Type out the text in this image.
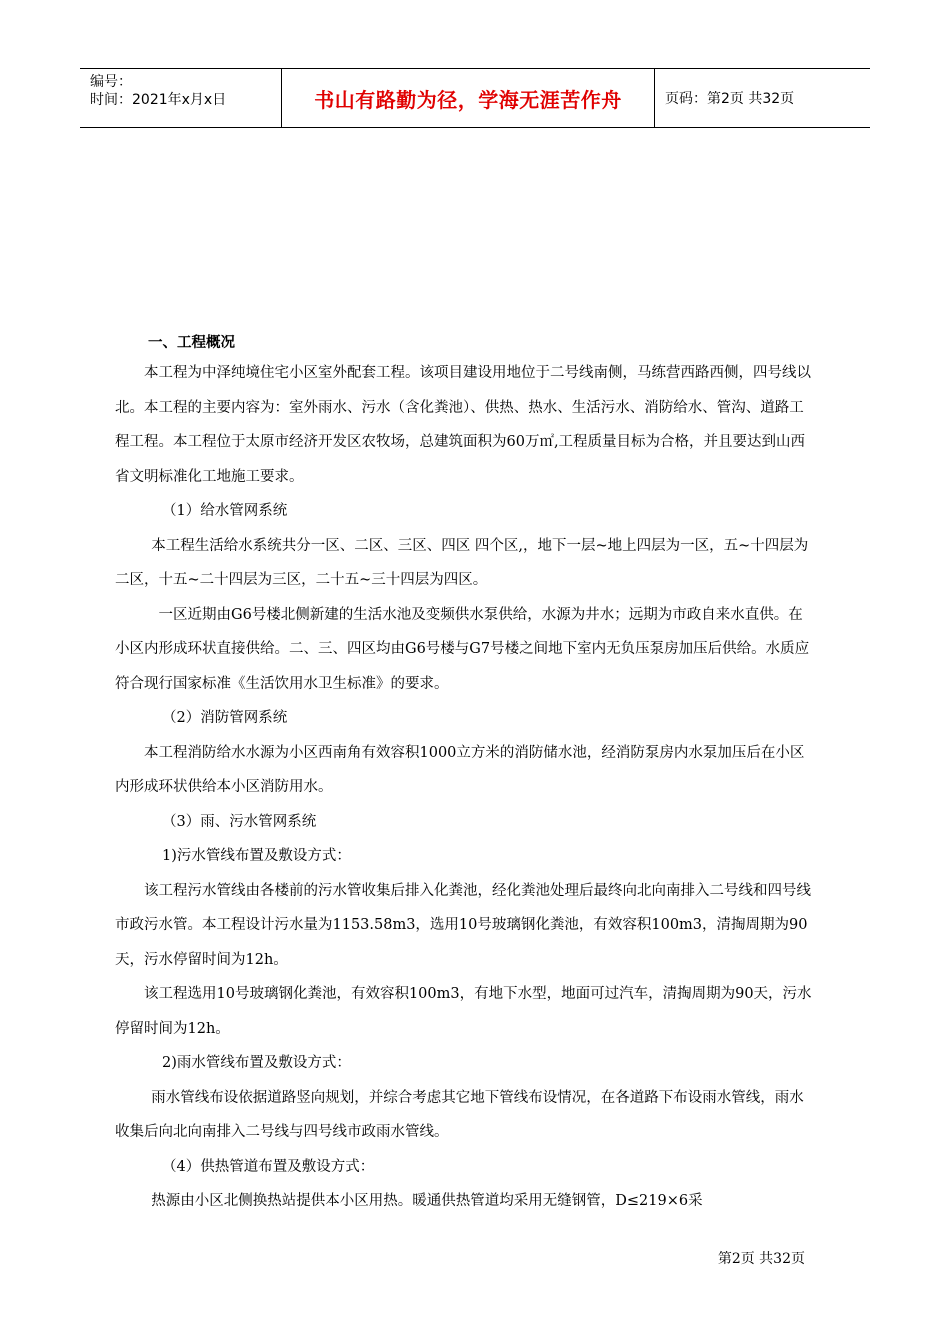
编号：
时间：2021年x月x日	书山有路勤为径，学海无涯苦作舟	页码：第2页 共32页
一、工程概况

本工程为中泽纯境住宅小区室外配套工程。该项目建设用地位于二号线南侧，马练营西路西侧，四号线以北。本工程的主要内容为：室外雨水、污水（含化粪池）、供热、热水、生活污水、消防给水、管沟、道路工程工程。本工程位于太原市经济开发区农牧场，总建筑面积为60万㎡,工程质量目标为合格，并且要达到山西省文明标准化工地施工要求。

（1）给水管网系统

本工程生活给水系统共分一区、二区、三区、四区 四个区,，地下一层~地上四层为一区，五~十四层为二区，十五~二十四层为三区，二十五~三十四层为四区。

一区近期由G6号楼北侧新建的生活水池及变频供水泵供给，水源为井水；远期为市政自来水直供。在小区内形成环状直接供给。二、三、四区均由G6号楼与G7号楼之间地下室内无负压泵房加压后供给。水质应符合现行国家标准《生活饮用水卫生标准》的要求。

（2）消防管网系统

本工程消防给水水源为小区西南角有效容积1000立方米的消防储水池，经消防泵房内水泵加压后在小区内形成环状供给本小区消防用水。

（3）雨、污水管网系统

1)污水管线布置及敷设方式：

该工程污水管线由各楼前的污水管收集后排入化粪池，经化粪池处理后最终向北向南排入二号线和四号线市政污水管。本工程设计污水量为1153.58m3，选用10号玻璃钢化粪池，有效容积100m3，清掏周期为90天，污水停留时间为12h。

该工程选用10号玻璃钢化粪池，有效容积100m3，有地下水型，地面可过汽车，清掏周期为90天，污水停留时间为12h。

2)雨水管线布置及敷设方式：

雨水管线布设依据道路竖向规划，并综合考虑其它地下管线布设情况，在各道路下布设雨水管线，雨水收集后向北向南排入二号线与四号线市政雨水管线。

（4）供热管道布置及敷设方式：

热源由小区北侧换热站提供本小区用热。暖通供热管道均采用无缝钢管，D≤219×6采

第2页 共32页
